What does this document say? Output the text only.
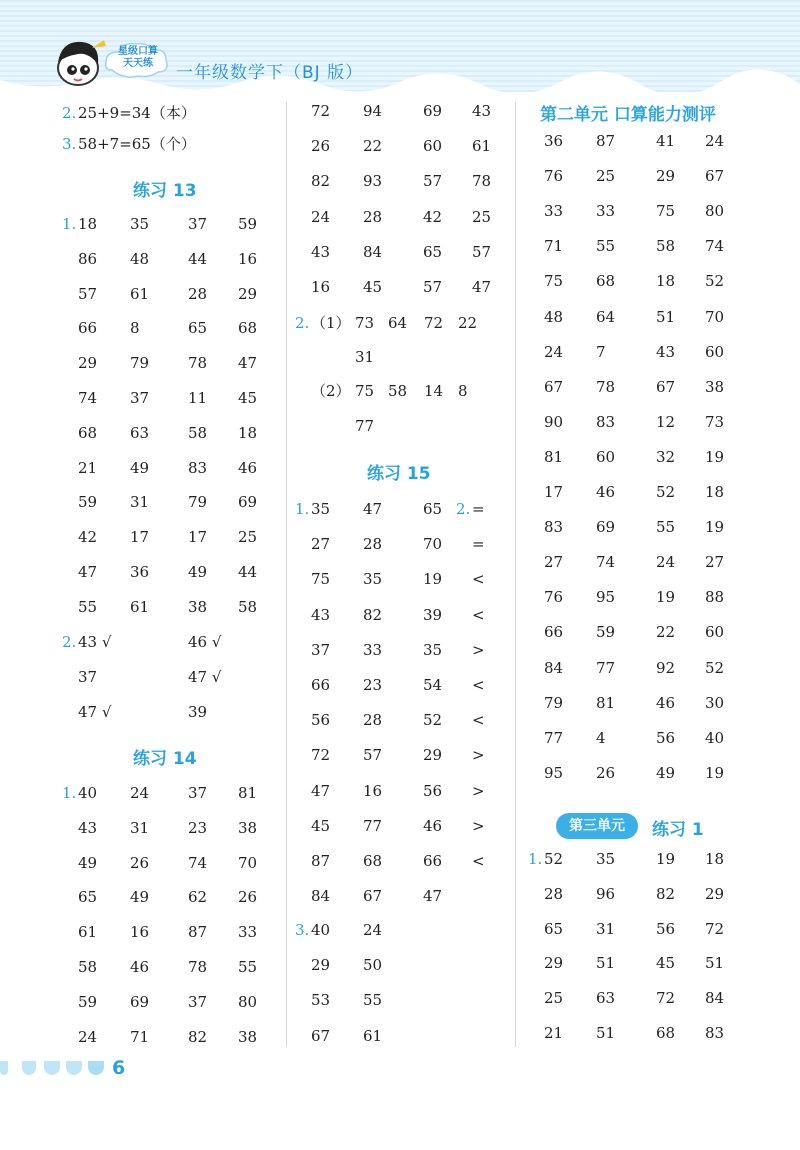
星级口算
天天练	一年级数学下（BJ 版）
2. 25+9=34（本）
3. 58+7=65（个）
练习 13
1. 18 35	37 59
86 48	44 16
57 61	28 29
66 8	65 68
29 79	78 47
74 37	11 45
68 63	58 18
21 49	83 46
59 31	79 69
42 17	17 25
47 36	49 44
55 61	38 58
2. 43 √	46 √
37	47 √
47 √	39
练习 14
1. 40 24	37 81
43 31	23 38
49 26	74 70
65 49	62 26
61 16	87 33
58 46	78 55
59 69	37 80
24 71	82 38
72 94	69 43
26 22	60 61
82 93	57 78
24 28	42 25
43 84	65 57
16 45	57 47
2. （1） 73 64 72 22
31
（2） 75 58 14 8
77
练习 15
35 47	65 =
1.	2.
27 28	70 =
75 35	19 <
43 82	39 <
37 33	35 >
66 23	54 <
56 28	52 <
72 57	29 >
47 16	56 >
45 77	46 >
87 68	66 <
84 67	47
3. 40 24
29 50
53 55
67 61
第二单元 口算能力测评
36 87	41 24
76 25	29 67
33 33	75 80
71 55	58 74
75 68	18 52
48 64	51 70
24 7	43 60
67 78	67 38
90 83	12 73
81 60	32 19
17 46	52 18
83 69	55 19
27 74	24 27
76 95	19 88
66 59	22 60
84 77	92 52
79 81	46 30
77 4	56 40
95 26	49 19
第三单元	练习 1
1. 52 35	19 18
28 96	82 29
65 31	56 72
29 51	45 51
25 63	72 84
21 51	68 83
6
